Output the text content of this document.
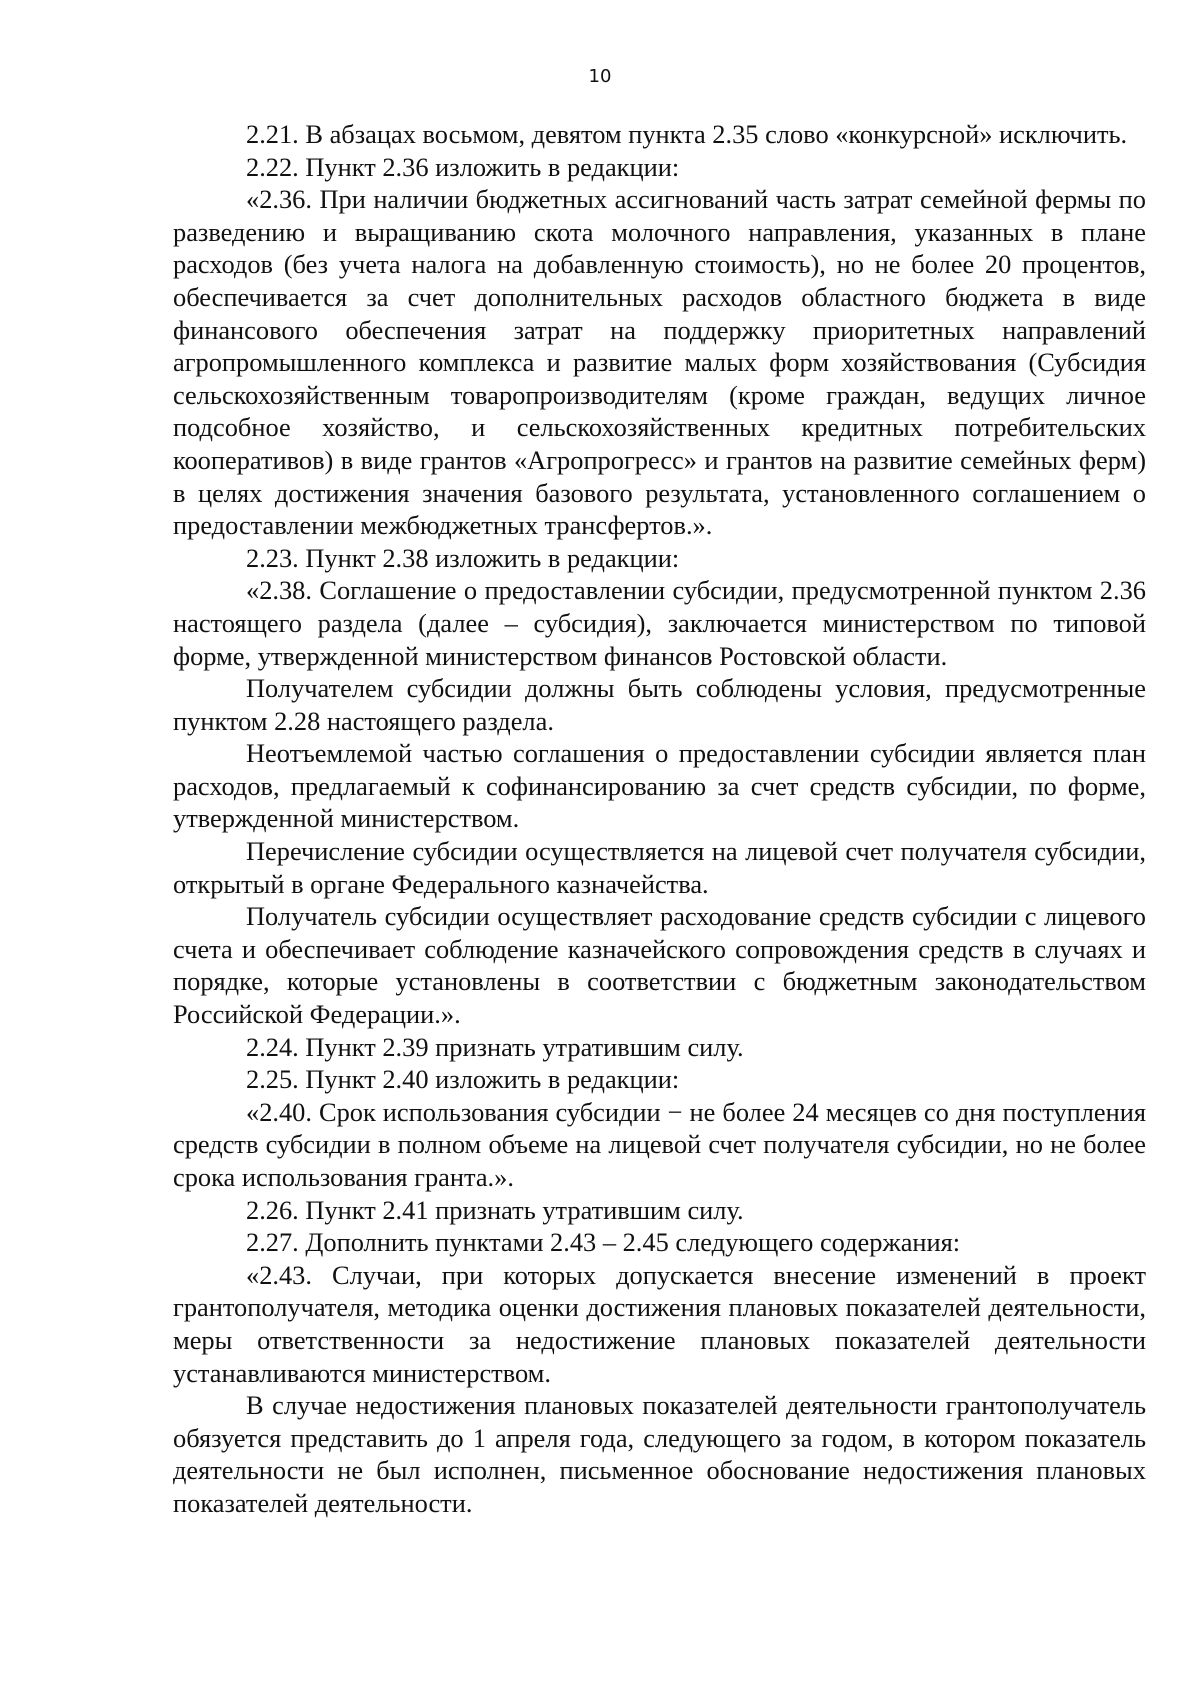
10

2.21. В абзацах восьмом, девятом пункта 2.35 слово «конкурсной» исключить.

2.22. Пункт 2.36 изложить в редакции:

«2.36. При наличии бюджетных ассигнований часть затрат семейной фермы по разведению и выращиванию скота молочного направления, указанных в плане расходов (без учета налога на добавленную стоимость), но не более 20 процентов, обеспечивается за счет дополнительных расходов областного бюджета в виде финансового обеспечения затрат на поддержку приоритетных направлений агропромышленного комплекса и развитие малых форм хозяйствования (Субсидия сельскохозяйственным товаропроизводителям (кроме граждан, ведущих личное подсобное хозяйство, и сельскохозяйственных кредитных потребительских кооперативов) в виде грантов «Агропрогресс» и грантов на развитие семейных ферм) в целях достижения значения базового результата, установленного соглашением о предоставлении межбюджетных трансфертов.».

2.23. Пункт 2.38 изложить в редакции:

«2.38. Соглашение о предоставлении субсидии, предусмотренной пунктом 2.36 настоящего раздела (далее – субсидия), заключается министерством по типовой форме, утвержденной министерством финансов Ростовской области.

Получателем субсидии должны быть соблюдены условия, предусмотренные пунктом 2.28 настоящего раздела.

Неотъемлемой частью соглашения о предоставлении субсидии является план расходов, предлагаемый к софинансированию за счет средств субсидии, по форме, утвержденной министерством.

Перечисление субсидии осуществляется на лицевой счет получателя субсидии, открытый в органе Федерального казначейства.

Получатель субсидии осуществляет расходование средств субсидии с лицевого счета и обеспечивает соблюдение казначейского сопровождения средств в случаях и порядке, которые установлены в соответствии с бюджетным законодательством Российской Федерации.».

2.24. Пункт 2.39 признать утратившим силу.

2.25. Пункт 2.40 изложить в редакции:

«2.40. Срок использования субсидии − не более 24 месяцев со дня поступления средств субсидии в полном объеме на лицевой счет получателя субсидии, но не более срока использования гранта.».

2.26. Пункт 2.41 признать утратившим силу.

2.27. Дополнить пунктами 2.43 – 2.45 следующего содержания:

«2.43. Случаи, при которых допускается внесение изменений в проект грантополучателя, методика оценки достижения плановых показателей деятельности, меры ответственности за недостижение плановых показателей деятельности устанавливаются министерством.

В случае недостижения плановых показателей деятельности грантополучатель обязуется представить до 1 апреля года, следующего за годом, в котором показатель деятельности не был исполнен, письменное обоснование недостижения плановых показателей деятельности.
